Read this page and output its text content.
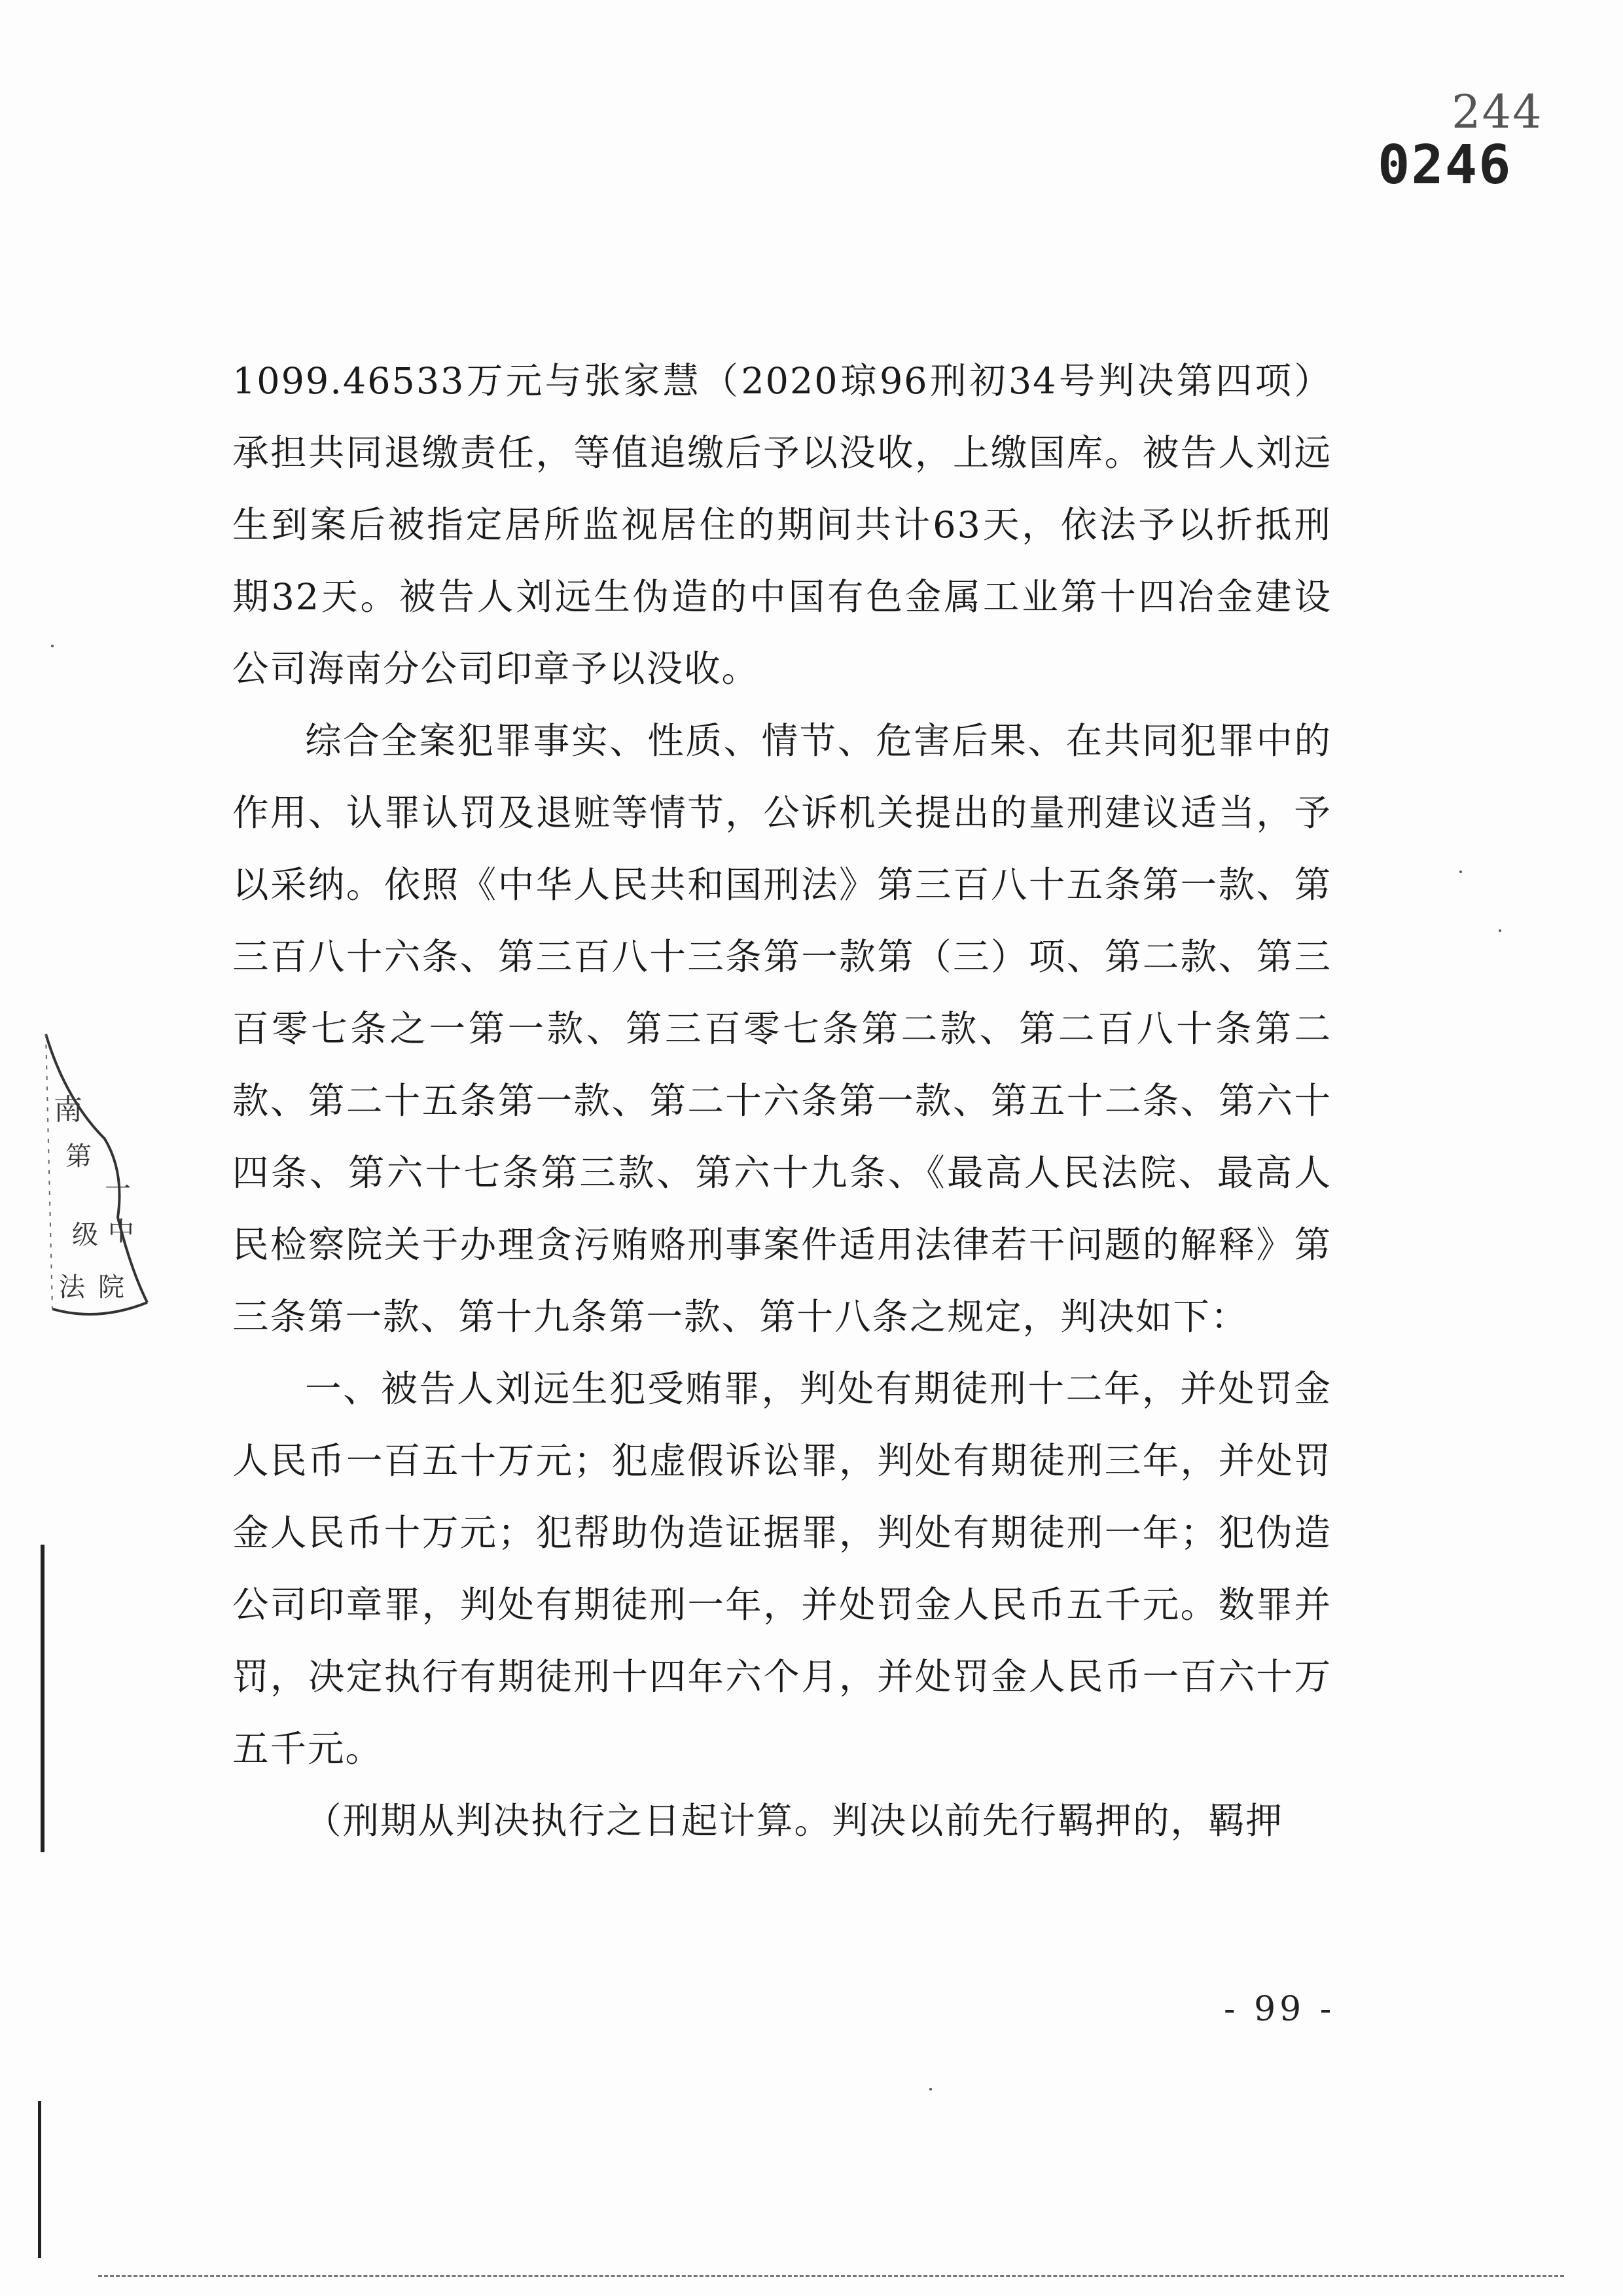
244
0246

1099.46533万元与张家慧（2020琼96刑初34号判决第四项）承担共同退缴责任，等值追缴后予以没收，上缴国库。被告人刘远生到案后被指定居所监视居住的期间共计63天，依法予以折抵刑期32天。被告人刘远生伪造的中国有色金属工业第十四冶金建设公司海南分公司印章予以没收。

综合全案犯罪事实、性质、情节、危害后果、在共同犯罪中的作用、认罪认罚及退赃等情节，公诉机关提出的量刑建议适当，予以采纳。依照《中华人民共和国刑法》第三百八十五条第一款、第三百八十六条、第三百八十三条第一款第（三）项、第二款、第三百零七条之一第一款、第三百零七条第二款、第二百八十条第二款、第二十五条第一款、第二十六条第一款、第五十二条、第六十四条、第六十七条第三款、第六十九条、《最高人民法院、最高人民检察院关于办理贪污贿赂刑事案件适用法律若干问题的解释》第三条第一款、第十九条第一款、第十八条之规定，判决如下：

一、被告人刘远生犯受贿罪，判处有期徒刑十二年，并处罚金人民币一百五十万元；犯虚假诉讼罪，判处有期徒刑三年，并处罚金人民币十万元；犯帮助伪造证据罪，判处有期徒刑一年；犯伪造公司印章罪，判处有期徒刑一年，并处罚金人民币五千元。数罪并罚，决定执行有期徒刑十四年六个月，并处罚金人民币一百六十万五千元。

（刑期从判决执行之日起计算。判决以前先行羁押的，羁押

- 99 -
南
第
一
中
级
法 院
